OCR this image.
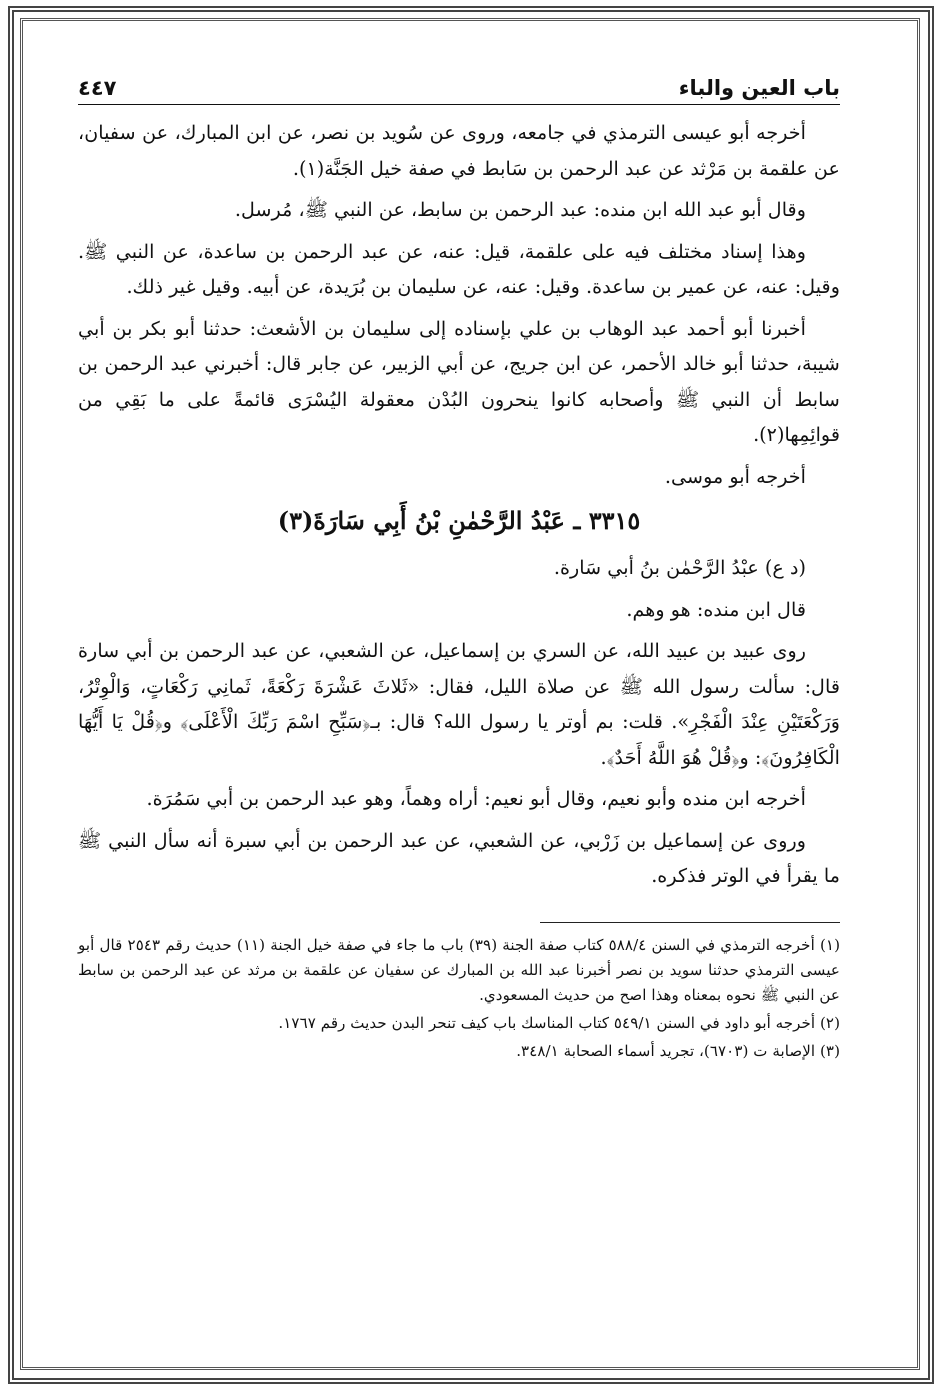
باب العين والباء
٤٤٧

أخرجه أبو عيسى الترمذي في جامعه، وروى عن سُويد بن نصر، عن ابن المبارك، عن سفيان، عن علقمة بن مَرْثد عن عبد الرحمن بن سَابط في صفة خيل الجَنَّة(١).

وقال أبو عبد الله ابن منده: عبد الرحمن بن سابط، عن النبي ﷺ، مُرسل.

وهذا إسناد مختلف فيه على علقمة، قيل: عنه، عن عبد الرحمن بن ساعدة، عن النبي ﷺ. وقيل: عنه، عن عمير بن ساعدة. وقيل: عنه، عن سليمان بن بُرَيدة، عن أبيه. وقيل غير ذلك.

أخبرنا أبو أحمد عبد الوهاب بن علي بإسناده إلى سليمان بن الأشعث: حدثنا أبو بكر بن أبي شيبة، حدثنا أبو خالد الأحمر، عن ابن جريج، عن أبي الزبير، عن جابر قال: أخبرني عبد الرحمن بن سابط أن النبي ﷺ وأصحابه كانوا ينحرون البُدْن معقولة اليُسْرَى قائمةً على ما بَقِي من قوائِمِها(٢).

أخرجه أبو موسى.

٣٣١٥ ـ عَبْدُ الرَّحْمٰنِ بْنُ أَبِي سَارَةَ(٣)

(د ع) عبْدُ الرَّحْمٰن بنُ أبي سَارة.

قال ابن منده: هو وهم.

روى عبيد بن عبيد الله، عن السري بن إسماعيل، عن الشعبي، عن عبد الرحمن بن أبي سارة قال: سألت رسول الله ﷺ عن صلاة الليل، فقال: «ثَلاثَ عَشْرَةَ رَكْعَةً، ثَمانِي رَكْعَاتٍ، وَالْوِتْرُ، وَرَكْعَتَيْنِ عِنْدَ الْفَجْرِ». قلت: بم أوتر يا رسول الله؟ قال: بـ﴿سَبِّحِ اسْمَ رَبِّكَ الْأَعْلَى﴾ و﴿قُلْ يَا أَيُّهَا الْكَافِرُونَ﴾: و﴿قُلْ هُوَ اللَّهُ أَحَدٌ﴾.

أخرجه ابن منده وأبو نعيم، وقال أبو نعيم: أراه وهماً، وهو عبد الرحمن بن أبي سَمُرَة.

وروى عن إسماعيل بن زَرْبي، عن الشعبي، عن عبد الرحمن بن أبي سبرة أنه سأل النبي ﷺ ما يقرأ في الوتر فذكره.

(١) أخرجه الترمذي في السنن ٥٨٨/٤ كتاب صفة الجنة (٣٩) باب ما جاء في صفة خيل الجنة (١١) حديث رقم ٢٥٤٣ قال أبو عيسى الترمذي حدثنا سويد بن نصر أخبرنا عبد الله بن المبارك عن سفيان عن علقمة بن مرثد عن عبد الرحمن بن سابط عن النبي ﷺ نحوه بمعناه وهذا اصح من حديث المسعودي.

(٢) أخرجه أبو داود في السنن ٥٤٩/١ كتاب المناسك باب كيف تنحر البدن حديث رقم ١٧٦٧.

(٣) الإصابة ت (٦٧٠٣)، تجريد أسماء الصحابة ٣٤٨/١.
